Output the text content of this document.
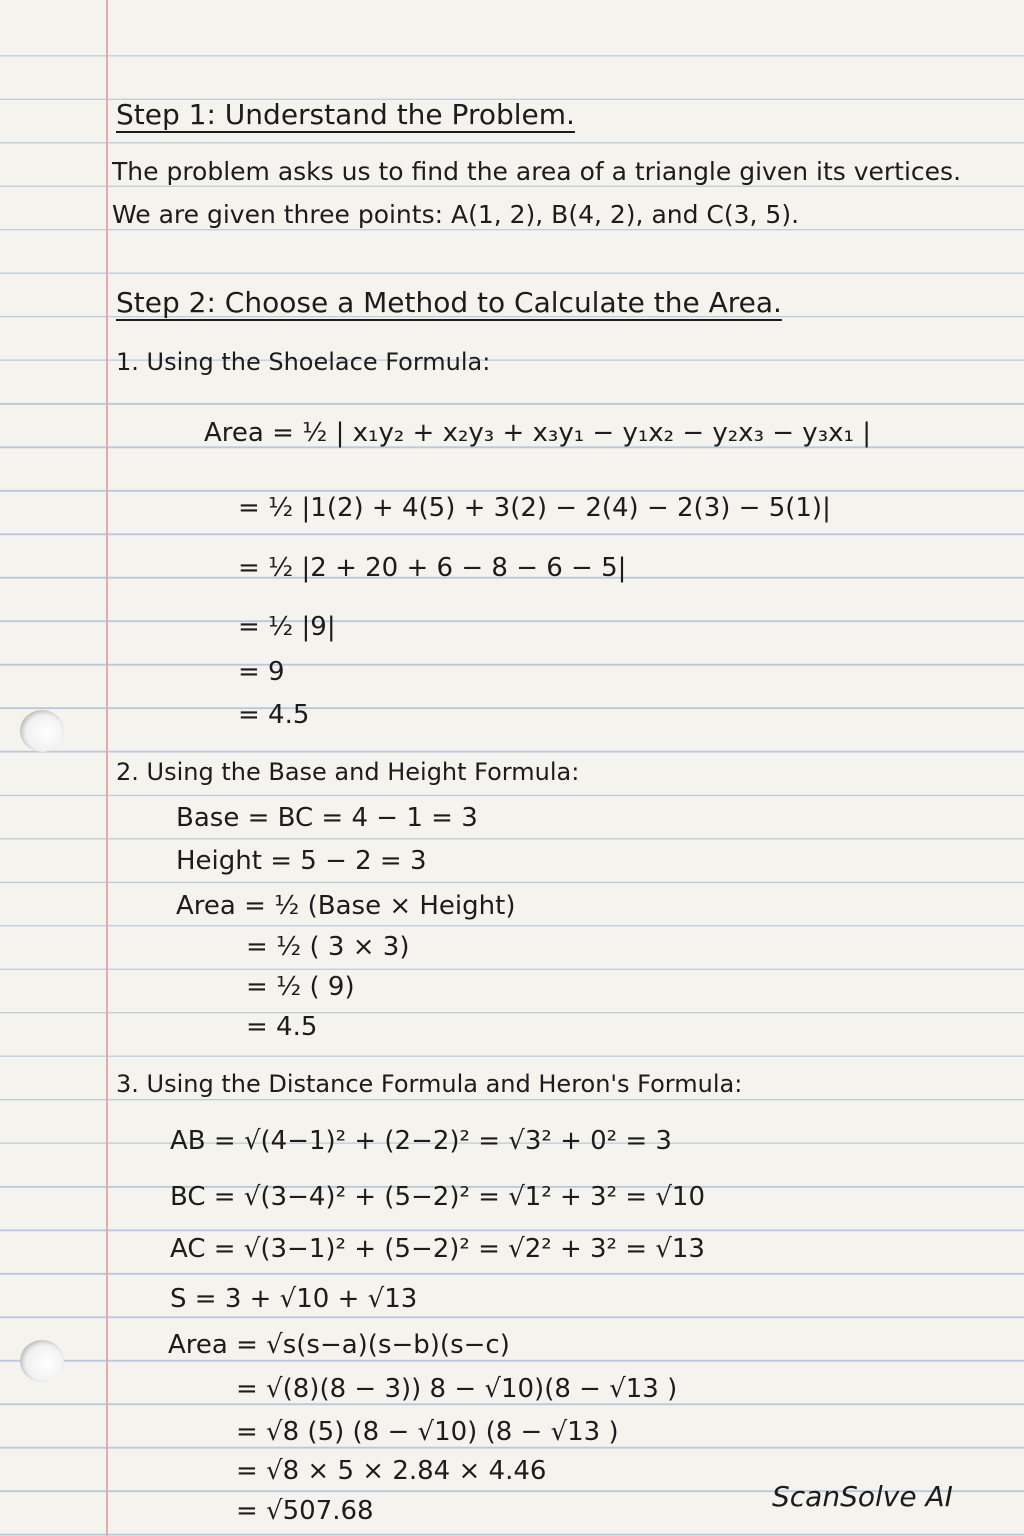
Step 1: Understand the Problem.

The problem asks us to find the area of a triangle given its vertices.

We are given three points: A(1, 2), B(4, 2), and C(3, 5).

Step 2: Choose a Method to Calculate the Area.

1. Using the Shoelace Formula:

Area = ½ | x₁y₂ + x₂y₃ + x₃y₁ − y₁x₂ − y₂x₃ − y₃x₁ |

= ½ |1(2) + 4(5) + 3(2) − 2(4) − 2(3) − 5(1)|

= ½ |2 + 20 + 6 − 8 − 6 − 5|

= ½ |9|

= 9

= 4.5

2. Using the Base and Height Formula:

Base = BC = 4 − 1 = 3

Height = 5 − 2 = 3

Area = ½ (Base × Height)

= ½ ( 3 × 3)

= ½ ( 9)

= 4.5

3. Using the Distance Formula and Heron's Formula:

AB = √(4−1)² + (2−2)² = √3² + 0² = 3

BC = √(3−4)² + (5−2)² = √1² + 3² = √10

AC = √(3−1)² + (5−2)² = √2² + 3² = √13

S = 3 + √10 + √13

Area = √s(s−a)(s−b)(s−c)

= √(8)(8 − 3)) 8 − √10)(8 − √13 )

= √8 (5) (8 − √10) (8 − √13 )

= √8 × 5 × 2.84 × 4.46

= √507.68	ScanSolve AI
